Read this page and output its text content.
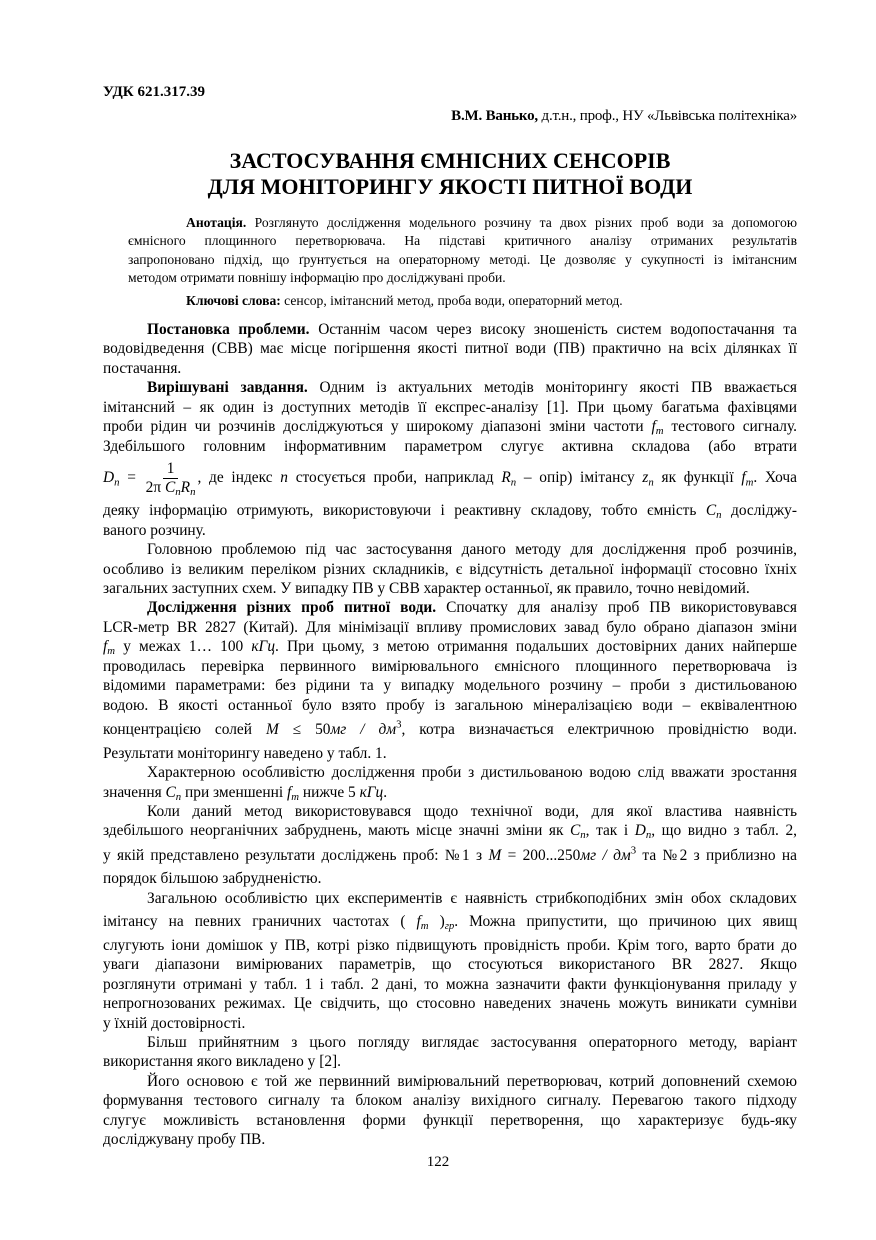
УДК 621.317.39
В.М. Ванько, д.т.н., проф., НУ «Львівська політехніка»
ЗАСТОСУВАННЯ ЄМНІСНИХ СЕНСОРІВ
ДЛЯ МОНІТОРИНГУ ЯКОСТІ ПИТНОЇ ВОДИ
Анотація. Розглянуто дослідження модельного розчину та двох різних проб води за допомогою
ємнісного площинного перетворювача. На підставі критичного аналізу отриманих результатів
запропоновано підхід, що ґрунтується на операторному методі. Це дозволяє у сукупності із імітансним
методом отримати повнішу інформацію про досліджувані проби.
Ключові слова: сенсор, імітансний метод, проба води, операторний метод.
Постановка проблеми. Останнім часом через високу зношеність систем водопостачання та
водовідведення (СВВ) має місце погіршення якості питної води (ПВ) практично на всіх ділянках її
постачання.
Вирішувані завдання. Одним із актуальних методів моніторингу якості ПВ вважається
імітансний – як один із доступних методів її експрес-аналізу [1]. При цьому багатьма фахівцями
проби рідин чи розчинів досліджуються у широкому діапазоні зміни частоти $f_m$ тестового сигналу.
Здебільшого головним інформативним параметром слугує активна складова (або втрати
$D_n = \frac{1}{2\pi C_nR_n}$ , де індекс n стосується проби, наприклад $R_n$ – опір) імітансу $z_n$ як функції $f_m$. Хоча
деяку інформацію отримують, використовуючи і реактивну складову, тобто ємність $C_n$ досліджу-
ваного розчину.
Головною проблемою під час застосування даного методу для дослідження проб розчинів,
особливо із великим переліком різних складників, є відсутність детальної інформації стосовно їхніх
загальних заступних схем. У випадку ПВ у СВВ характер останньої, як правило, точно невідомий.
Дослідження різних проб питної води. Спочатку для аналізу проб ПВ використовувався
LCR-метр BR 2827 (Китай). Для мінімізації впливу промислових завад було обрано діапазон зміни
$f_m$ у межах 1… 100 кГц. При цьому, з метою отримання подальших достовірних даних найперше
проводилась перевірка первинного вимірювального ємнісного площинного перетворювача із
відомими параметрами: без рідини та у випадку модельного розчину – проби з дистильованою
водою. В якості останньої було взято пробу із загальною мінералізацією води – еквівалентною
концентрацією солей $M \le 50мг / дм^3$, котра визначається електричною провідністю води.
Результати моніторингу наведено у табл. 1.
Характерною особливістю дослідження проби з дистильованою водою слід вважати зростання
значення $C_n$ при зменшенні $f_m$ нижче 5 кГц.
Коли даний метод використовувався щодо технічної води, для якої властива наявність
здебільшого неорганічних забруднень, мають місце значні зміни як $C_n$, так і $D_n$, що видно з табл. 2,
у якій представлено результати досліджень проб: №1 з $M = 200...250мг / дм^3$ та №2 з приблизно на
порядок більшою забрудненістю.
Загальною особливістю цих експериментів є наявність стрибкоподібних змін обох складових
імітансу на певних граничних частотах ( $f_m$ )$_{гр}$. Можна припустити, що причиною цих явищ
слугують іони домішок у ПВ, котрі різко підвищують провідність проби. Крім того, варто брати до
уваги діапазони вимірюваних параметрів, що стосуються використаного BR 2827. Якщо
розглянути отримані у табл. 1 і табл. 2 дані, то можна зазначити факти функціонування приладу у
непрогнозованих режимах. Це свідчить, що стосовно наведених значень можуть виникати сумніви
у їхній достовірності.
Більш прийнятним з цього погляду виглядає застосування операторного методу, варіант
використання якого викладено у [2].
Його основою є той же первинний вимірювальний перетворювач, котрий доповнений схемою
формування тестового сигналу та блоком аналізу вихідного сигналу. Перевагою такого підходу
слугує можливість встановлення форми функції перетворення, що характеризує будь-яку
досліджувану пробу ПВ.
122
